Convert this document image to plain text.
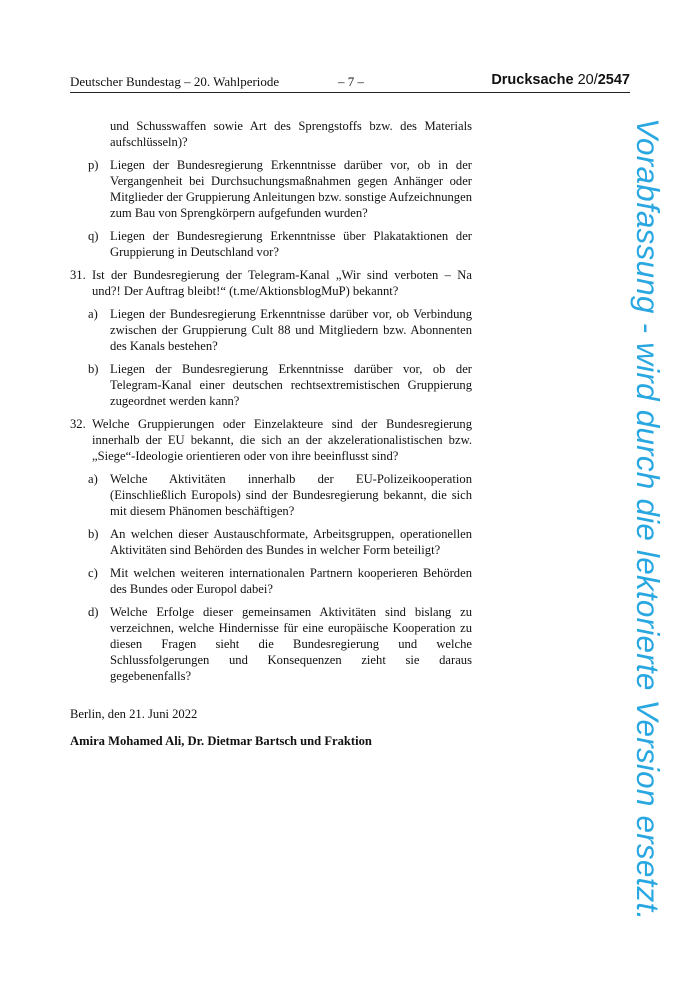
Deutscher Bundestag – 20. Wahlperiode	– 7 –	Drucksache 20/2547
und Schusswaffen sowie Art des Sprengstoffs bzw. des Materials aufschlüsseln)?
p) Liegen der Bundesregierung Erkenntnisse darüber vor, ob in der Vergangenheit bei Durchsuchungsmaßnahmen gegen Anhänger oder Mitglieder der Gruppierung Anleitungen bzw. sonstige Aufzeichnungen zum Bau von Sprengkörpern aufgefunden wurden?
q) Liegen der Bundesregierung Erkenntnisse über Plakataktionen der Gruppierung in Deutschland vor?
31. Ist der Bundesregierung der Telegram-Kanal „Wir sind verboten – Na und?! Der Auftrag bleibt!“ (t.me/AktionsblogMuP) bekannt?
a) Liegen der Bundesregierung Erkenntnisse darüber vor, ob Verbindung zwischen der Gruppierung Cult 88 und Mitgliedern bzw. Abonnenten des Kanals bestehen?
b) Liegen der Bundesregierung Erkenntnisse darüber vor, ob der Telegram-Kanal einer deutschen rechtsextremistischen Gruppierung zugeordnet werden kann?
32. Welche Gruppierungen oder Einzelakteure sind der Bundesregierung innerhalb der EU bekannt, die sich an der akzelerationalistischen bzw. „Siege“-Ideologie orientieren oder von ihre beeinflusst sind?
a) Welche Aktivitäten innerhalb der EU-Polizeikooperation (Einschließlich Europols) sind der Bundesregierung bekannt, die sich mit diesem Phänomen beschäftigen?
b) An welchen dieser Austauschformate, Arbeitsgruppen, operationellen Aktivitäten sind Behörden des Bundes in welcher Form beteiligt?
c) Mit welchen weiteren internationalen Partnern kooperieren Behörden des Bundes oder Europol dabei?
d) Welche Erfolge dieser gemeinsamen Aktivitäten sind bislang zu verzeichnen, welche Hindernisse für eine europäische Kooperation zu diesen Fragen sieht die Bundesregierung und welche Schlussfolgerungen und Konsequenzen zieht sie daraus gegebenenfalls?
Berlin, den 21. Juni 2022
Amira Mohamed Ali, Dr. Dietmar Bartsch und Fraktion	Vorabfassung - wird durch die lektorierte Version ersetzt.
